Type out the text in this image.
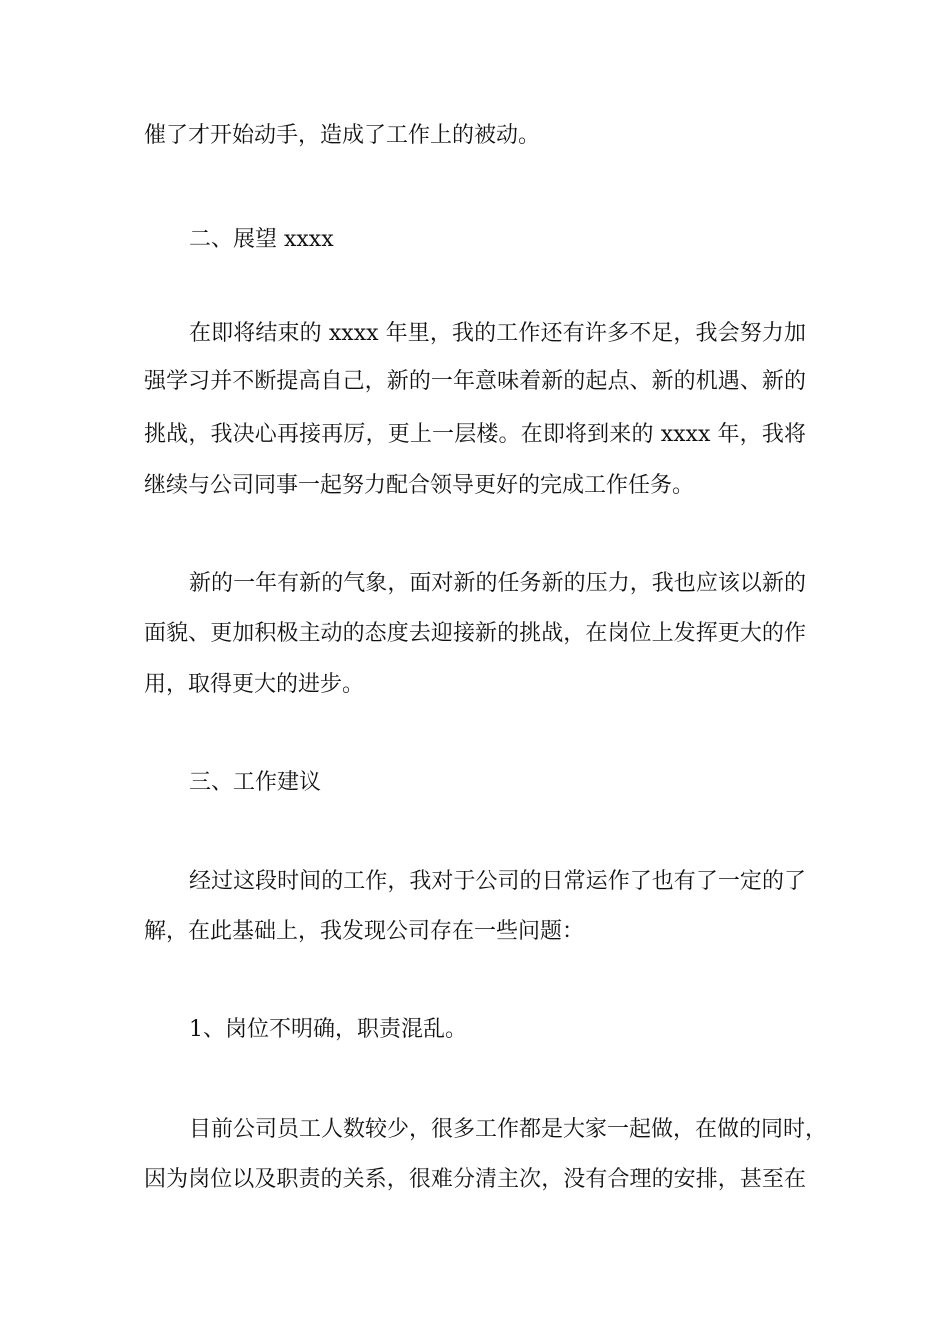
催了才开始动手，造成了工作上的被动。

二、展望 xxxx

在即将结束的 xxxx 年里，我的工作还有许多不足，我会努力加

强学习并不断提高自己，新的一年意味着新的起点、新的机遇、新的

挑战，我决心再接再厉，更上一层楼。在即将到来的 xxxx 年，我将

继续与公司同事一起努力配合领导更好的完成工作任务。

新的一年有新的气象，面对新的任务新的压力，我也应该以新的

面貌、更加积极主动的态度去迎接新的挑战，在岗位上发挥更大的作

用，取得更大的进步。

三、工作建议

经过这段时间的工作，我对于公司的日常运作了也有了一定的了

解，在此基础上，我发现公司存在一些问题：

1、岗位不明确，职责混乱。

目前公司员工人数较少，很多工作都是大家一起做，在做的同时，

因为岗位以及职责的关系，很难分清主次，没有合理的安排，甚至在
